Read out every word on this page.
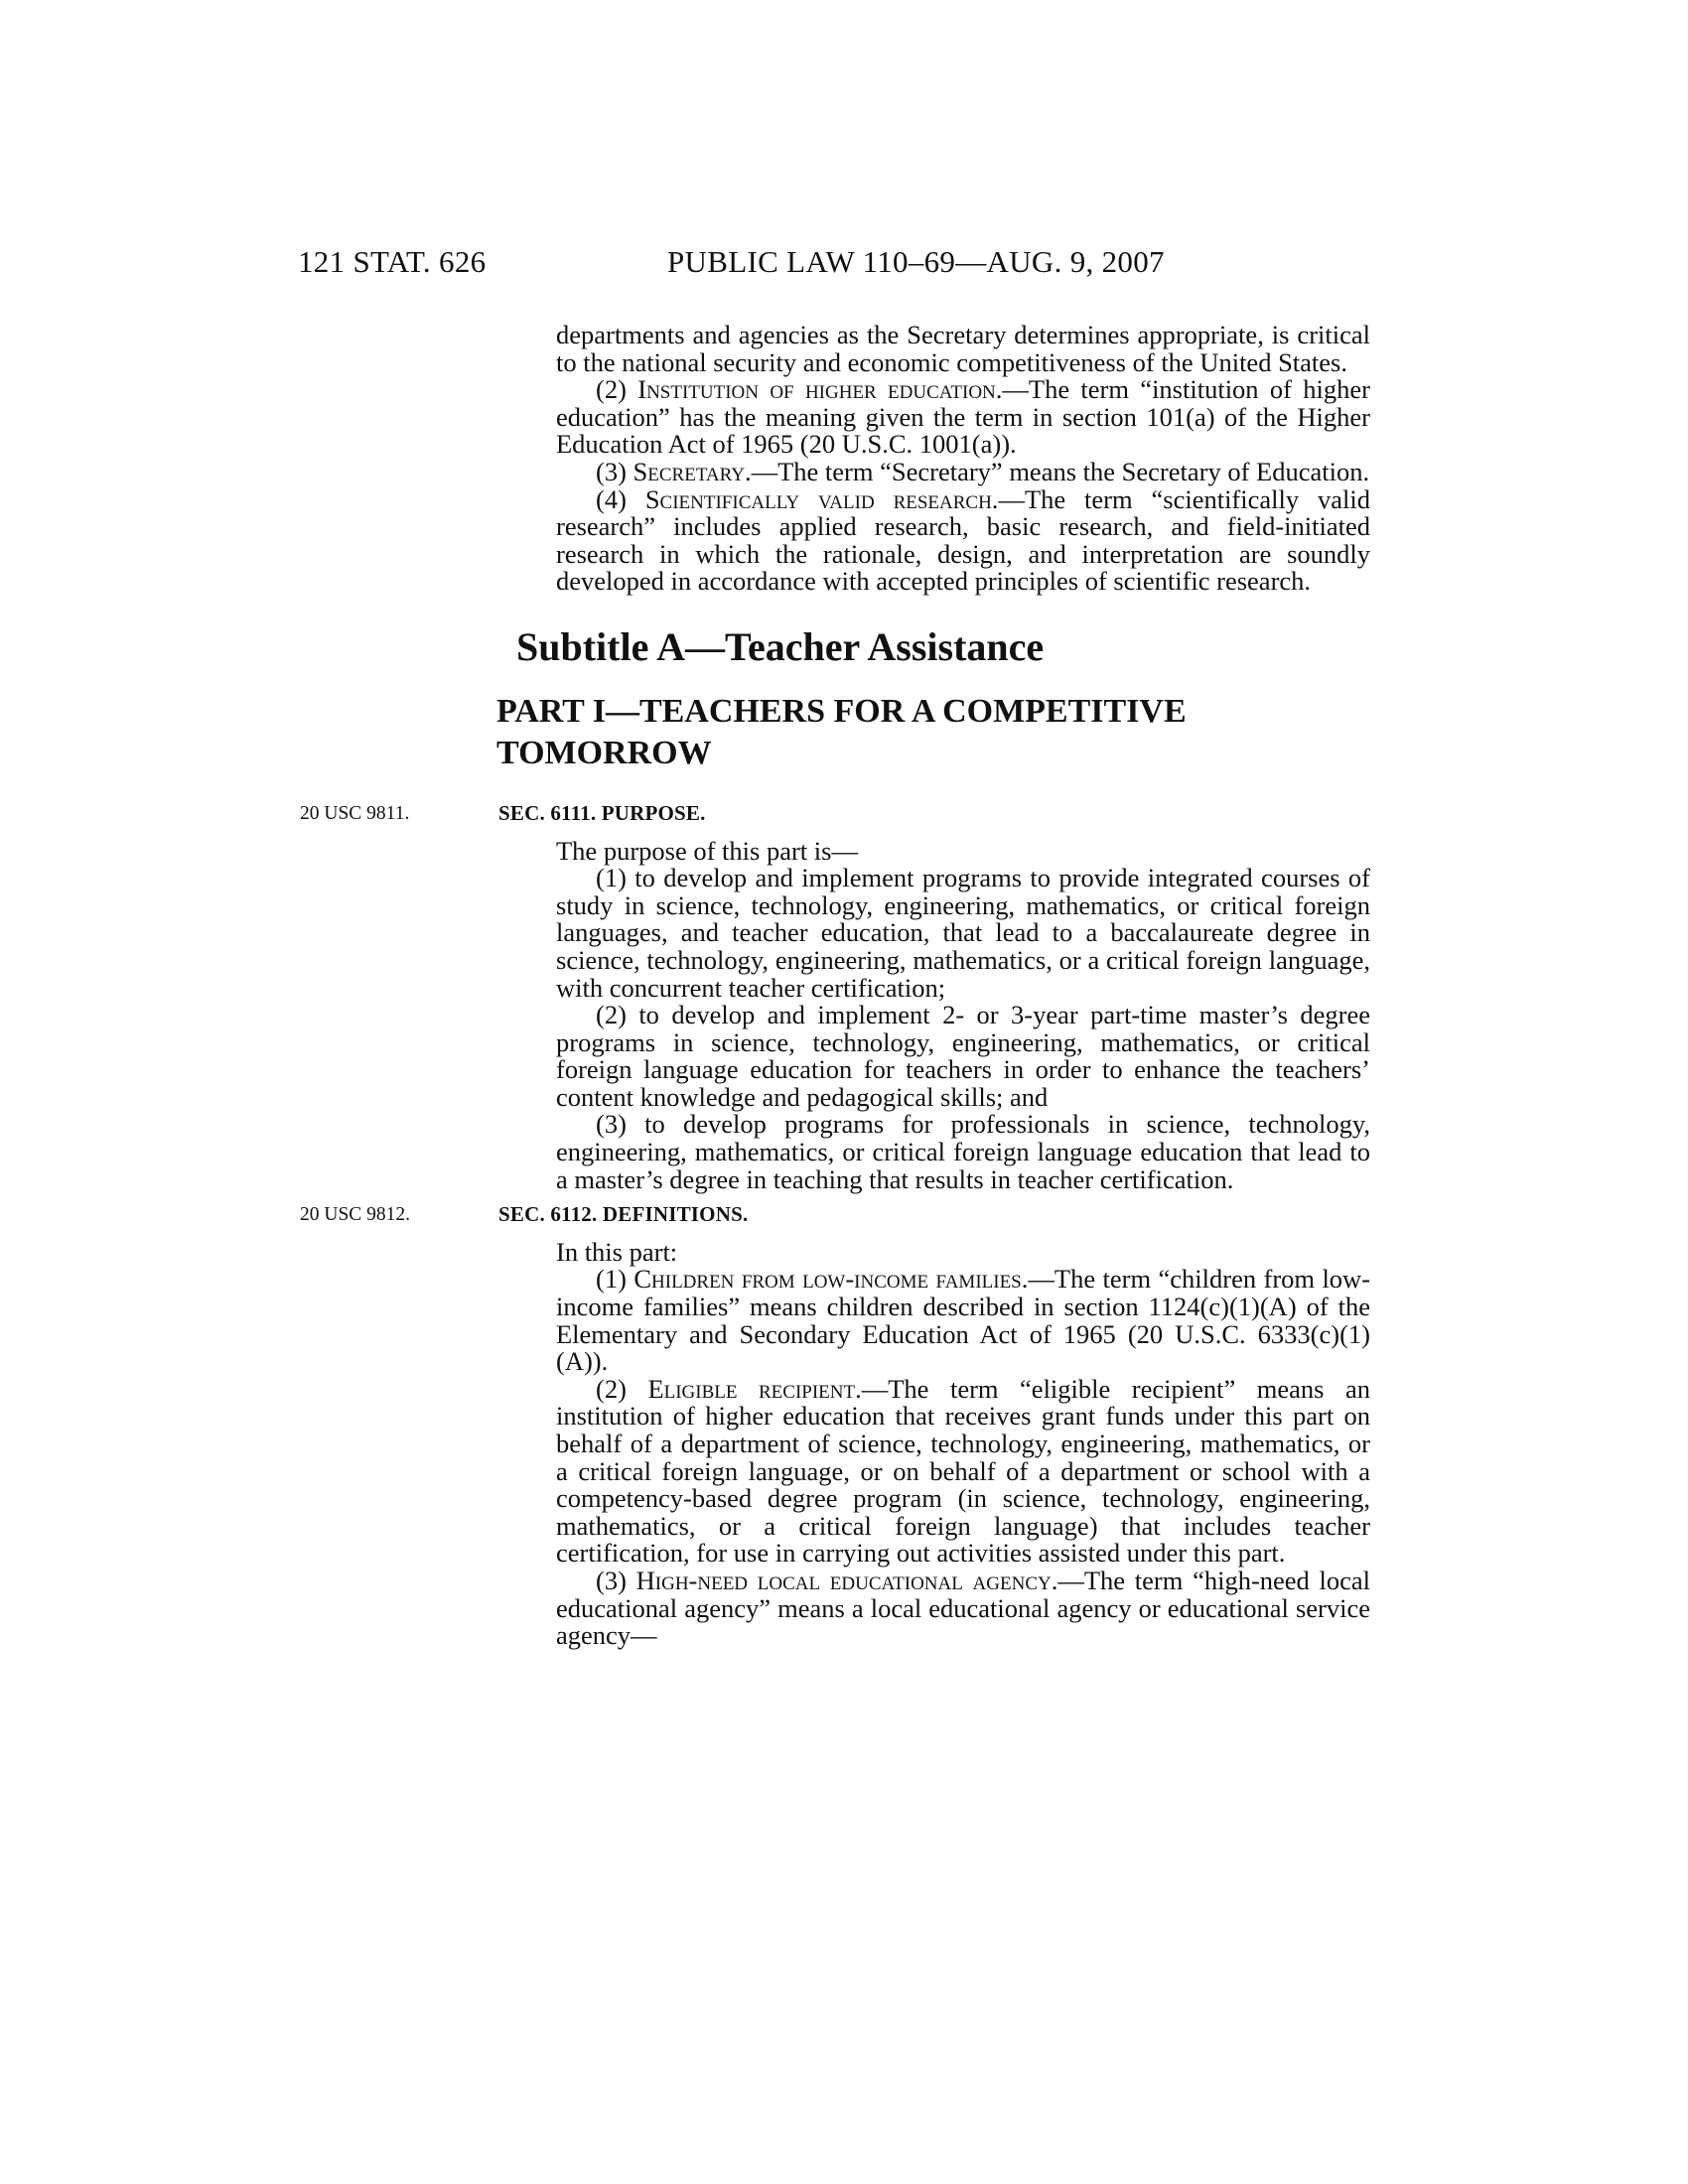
121 STAT. 626	PUBLIC LAW 110–69—AUG. 9, 2007

departments and agencies as the Secretary determines appropriate, is critical to the national security and economic competitiveness of the United States.

(2) Institution of higher education.—The term “institution of higher education” has the meaning given the term in section 101(a) of the Higher Education Act of 1965 (20 U.S.C. 1001(a)).

(3) Secretary.—The term “Secretary” means the Secretary of Education.

(4) Scientifically valid research.—The term “scientifically valid research” includes applied research, basic research, and field-initiated research in which the rationale, design, and interpretation are soundly developed in accordance with accepted principles of scientific research.

Subtitle A—Teacher Assistance

PART I—TEACHERS FOR A COMPETITIVE
TOMORROW

20 USC 9811.	SEC. 6111. PURPOSE.

The purpose of this part is—

(1) to develop and implement programs to provide integrated courses of study in science, technology, engineering, mathematics, or critical foreign languages, and teacher education, that lead to a baccalaureate degree in science, technology, engineering, mathematics, or a critical foreign language, with concurrent teacher certification;

(2) to develop and implement 2- or 3-year part-time master’s degree programs in science, technology, engineering, mathematics, or critical foreign language education for teachers in order to enhance the teachers’ content knowledge and pedagogical skills; and

(3) to develop programs for professionals in science, technology, engineering, mathematics, or critical foreign language education that lead to a master’s degree in teaching that results in teacher certification.

20 USC 9812.	SEC. 6112. DEFINITIONS.

In this part:

(1) Children from low-income families.—The term “children from low-income families” means children described in section 1124(c)(1)(A) of the Elementary and Secondary Education Act of 1965 (20 U.S.C. 6333(c)(1)(A)).

(2) Eligible recipient.—The term “eligible recipient” means an institution of higher education that receives grant funds under this part on behalf of a department of science, technology, engineering, mathematics, or a critical foreign language, or on behalf of a department or school with a competency-based degree program (in science, technology, engineering, mathematics, or a critical foreign language) that includes teacher certification, for use in carrying out activities assisted under this part.

(3) High-need local educational agency.—The term “high-need local educational agency” means a local educational agency or educational service agency—
